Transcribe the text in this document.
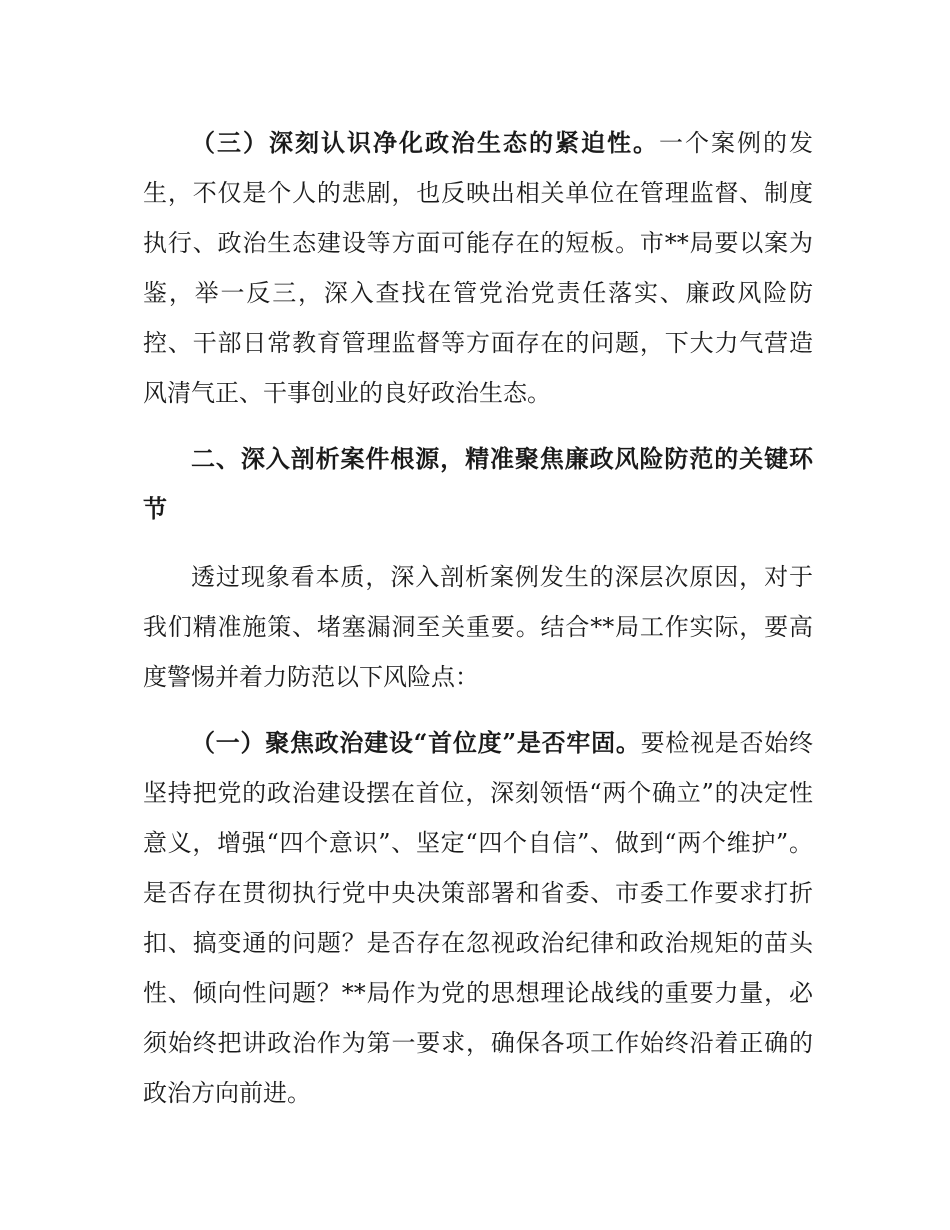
（三）深刻认识净化政治生态的紧迫性。一个案例的发生，不仅是个人的悲剧，也反映出相关单位在管理监督、制度执行、政治生态建设等方面可能存在的短板。市**局要以案为鉴，举一反三，深入查找在管党治党责任落实、廉政风险防控、干部日常教育管理监督等方面存在的问题，下大力气营造风清气正、干事创业的良好政治生态。

二、深入剖析案件根源，精准聚焦廉政风险防范的关键环节

透过现象看本质，深入剖析案例发生的深层次原因，对于我们精准施策、堵塞漏洞至关重要。结合**局工作实际，要高度警惕并着力防范以下风险点：

（一）聚焦政治建设“首位度”是否牢固。要检视是否始终坚持把党的政治建设摆在首位，深刻领悟“两个确立”的决定性意义，增强“四个意识”、坚定“四个自信”、做到“两个维护”。是否存在贯彻执行党中央决策部署和省委、市委工作要求打折扣、搞变通的问题？是否存在忽视政治纪律和政治规矩的苗头性、倾向性问题？**局作为党的思想理论战线的重要力量，必须始终把讲政治作为第一要求，确保各项工作始终沿着正确的政治方向前进。
